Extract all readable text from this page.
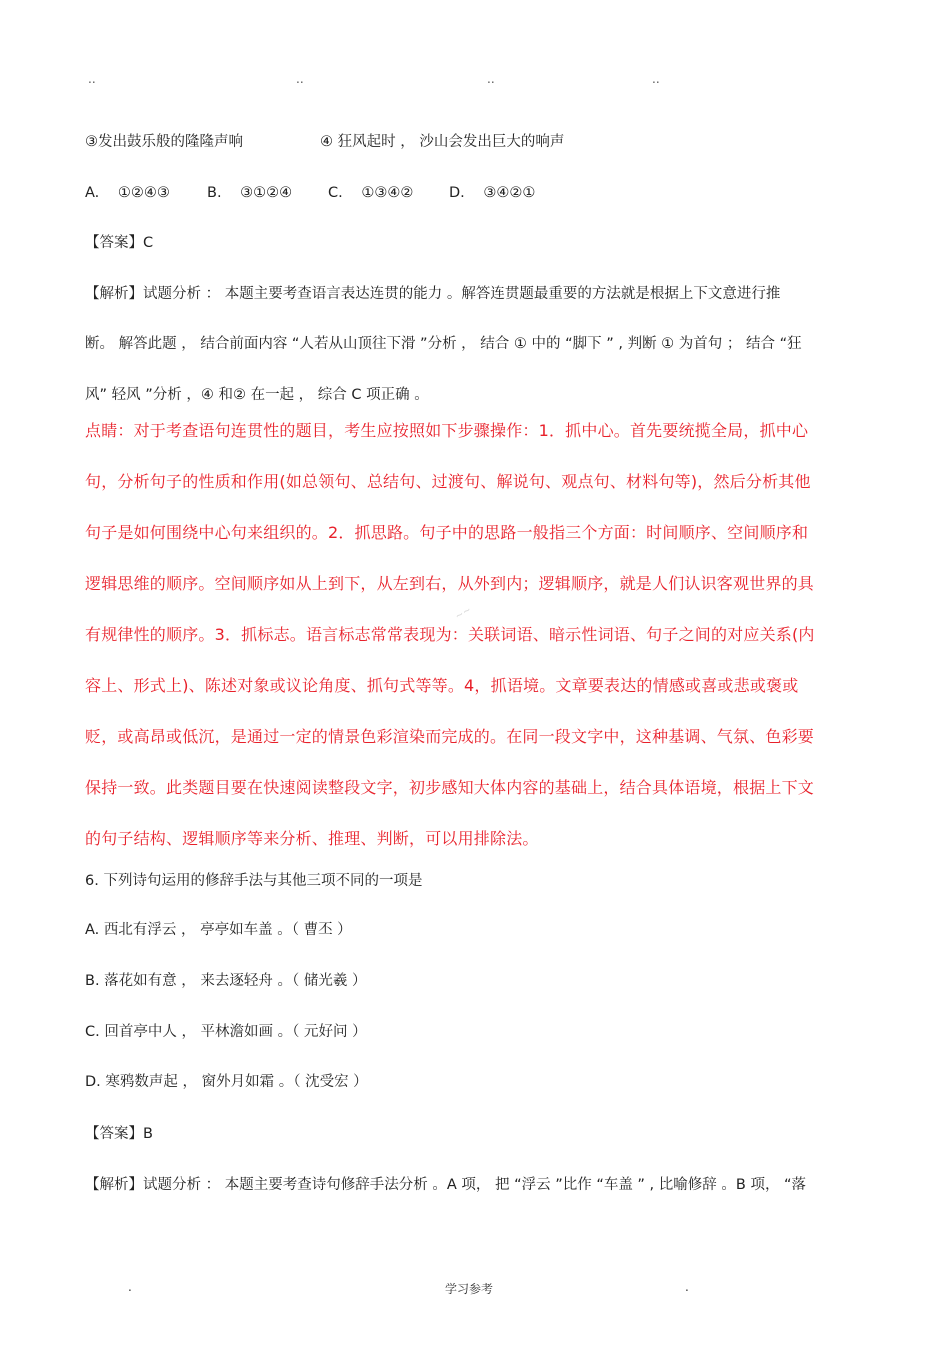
..	..	..	..
③发出鼓乐般的隆隆声响	④ 狂风起时 ， 沙山会发出巨大的响声
A. ①②④③	B. ③①②④ C. ①③④② D. ③④②①
【答案】C
【解析】试题分析 ： 本题主要考查语言表达连贯的能力 。解答连贯题最重要的方法就是根据上下文意进行推
断。 解答此题 ， 结合前面内容 “人若从山顶往下滑 ”分析 ， 结合 ① 中的 “脚下 ” , 判断 ① 为首句 ； 结合 “狂
风” 轻风 ”分析 ，④ 和② 在一起 ， 综合 C 项正确 。
点睛：对于考查语句连贯性的题目，考生应按照如下步骤操作：1．抓中心。首先要统揽全局，抓中心
句，分析句子的性质和作用(如总领句、总结句、过渡句、解说句、观点句、材料句等)，然后分析其他
句子是如何围绕中心句来组织的。2．抓思路。句子中的思路一般指三个方面：时间顺序、空间顺序和
逻辑思维的顺序。空间顺序如从上到下，从左到右，从外到内；逻辑顺序，就是人们认识客观世界的具
有规律性的顺序。3．抓标志。语言标志常常表现为：关联词语、暗示性词语、句子之间的对应关系(内
容上、形式上)、陈述对象或议论角度、抓句式等等。4，抓语境。文章要表达的情感或喜或悲或褒或
贬，或高昂或低沉，是通过一定的情景色彩渲染而完成的。在同一段文字中，这种基调、气氛、色彩要
保持一致。此类题目要在快速阅读整段文字，初步感知大体内容的基础上，结合具体语境，根据上下文
的句子结构、逻辑顺序等来分析、推理、判断，可以用排除法。
6. 下列诗句运用的修辞手法与其他三项不同的一项是
A. 西北有浮云 ， 亭亭如车盖 。（ 曹丕 ）
B. 落花如有意 ， 来去逐轻舟 。（ 储光羲 ）
C. 回首亭中人 ， 平林澹如画 。（ 元好问 ）
D. 寒鸦数声起 ， 窗外月如霜 。（ 沈受宏 ）
【答案】B
【解析】试题分析 ： 本题主要考查诗句修辞手法分析 。A 项， 把 “浮云 ”比作 “车盖 ” , 比喻修辞 。B 项， “落
~~
.	学习参考	.
